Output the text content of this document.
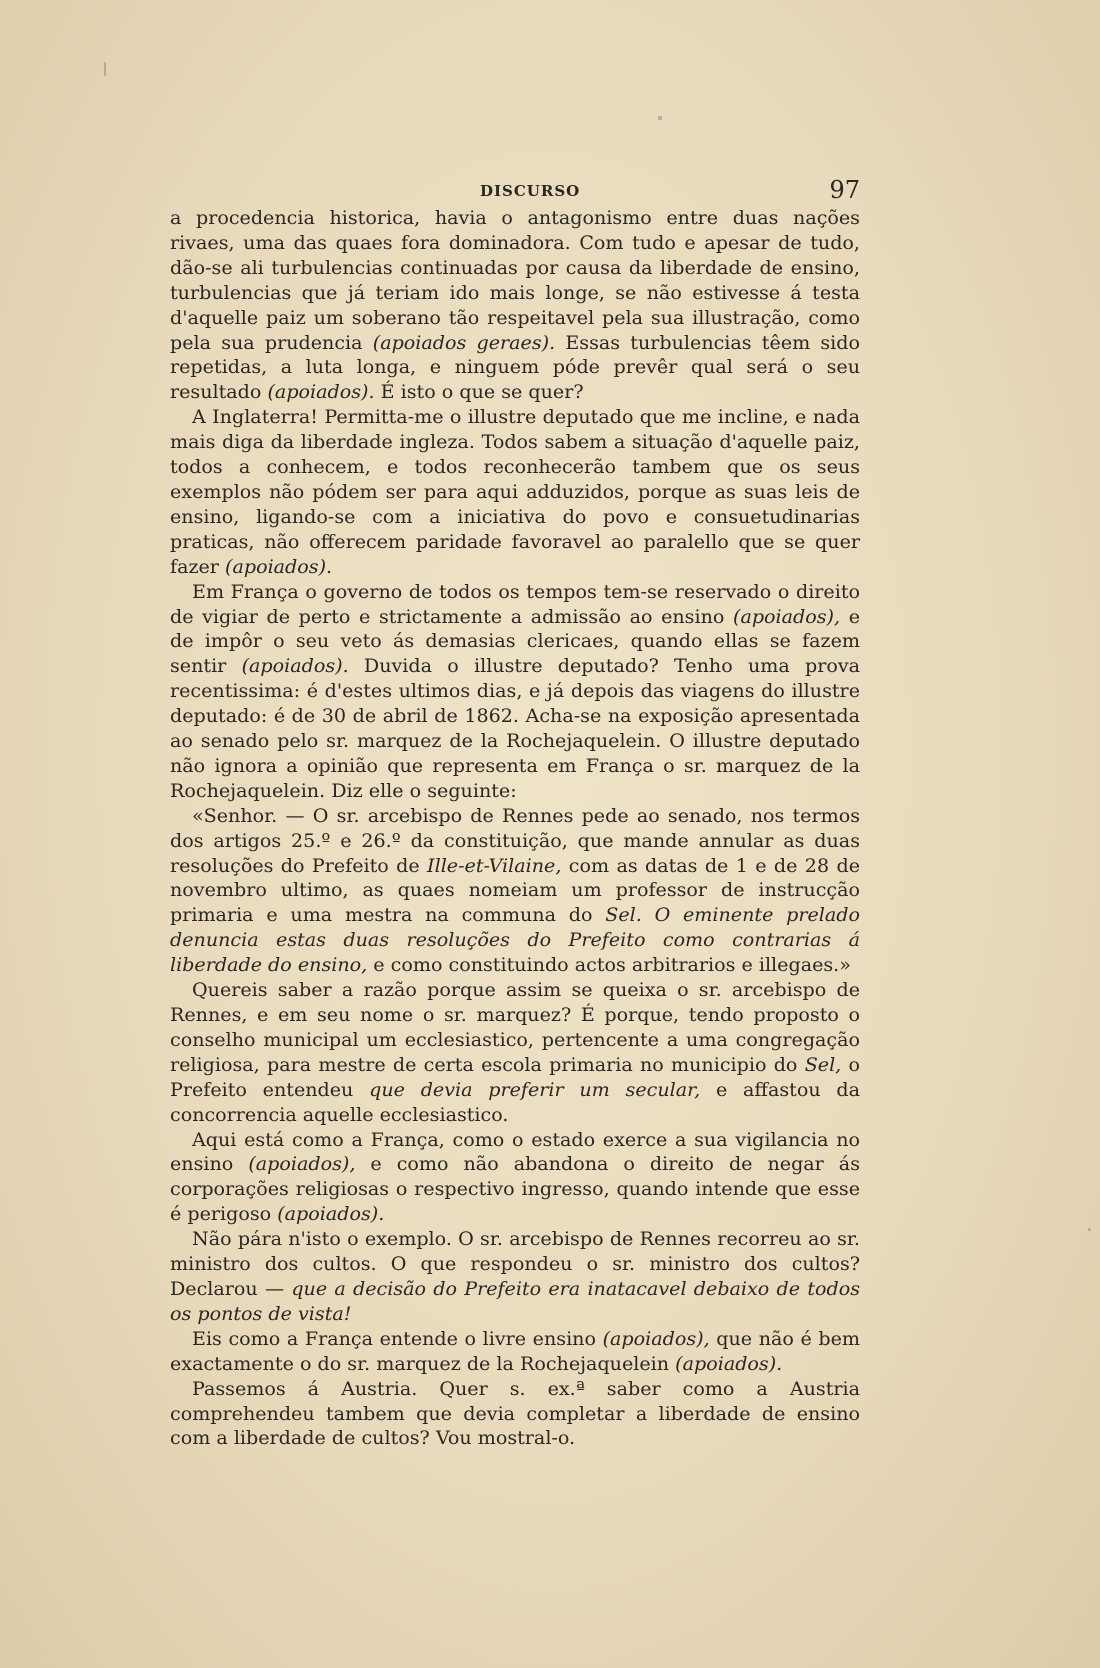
DISCURSO	97

a procedencia historica, havia o antagonismo entre duas nações rivaes, uma das quaes fora dominadora. Com tudo e apesar de tudo, dão-se ali turbulencias continuadas por causa da liberdade de ensino, turbulencias que já teriam ido mais longe, se não estivesse á testa d'aquelle paiz um soberano tão respeitavel pela sua illustração, como pela sua prudencia (apoiados geraes). Essas turbulencias têem sido repetidas, a luta longa, e ninguem póde prevêr qual será o seu resultado (apoiados). É isto o que se quer?

A Inglaterra! Permitta-me o illustre deputado que me incline, e nada mais diga da liberdade ingleza. Todos sabem a situação d'aquelle paiz, todos a conhecem, e todos reconhecerão tambem que os seus exemplos não pódem ser para aqui adduzidos, porque as suas leis de ensino, ligando-se com a iniciativa do povo e consuetudinarias praticas, não offerecem paridade favoravel ao paralello que se quer fazer (apoiados).

Em França o governo de todos os tempos tem-se reservado o direito de vigiar de perto e strictamente a admissão ao ensino (apoiados), e de impôr o seu veto ás demasias clericaes, quando ellas se fazem sentir (apoiados). Duvida o illustre deputado? Tenho uma prova recentissima: é d'estes ultimos dias, e já depois das viagens do illustre deputado: é de 30 de abril de 1862. Acha-se na exposição apresentada ao senado pelo sr. marquez de la Rochejaquelein. O illustre deputado não ignora a opinião que representa em França o sr. marquez de la Rochejaquelein. Diz elle o seguinte:

«Senhor. — O sr. arcebispo de Rennes pede ao senado, nos termos dos artigos 25.º e 26.º da constituição, que mande annular as duas resoluções do Prefeito de Ille-et-Vilaine, com as datas de 1 e de 28 de novembro ultimo, as quaes nomeiam um professor de instrucção primaria e uma mestra na communa do Sel. O eminente prelado denuncia estas duas resoluções do Prefeito como contrarias á liberdade do ensino, e como constituindo actos arbitrarios e illegaes.»

Quereis saber a razão porque assim se queixa o sr. arcebispo de Rennes, e em seu nome o sr. marquez? É porque, tendo proposto o conselho municipal um ecclesiastico, pertencente a uma congregação religiosa, para mestre de certa escola primaria no municipio do Sel, o Prefeito entendeu que devia preferir um secular, e affastou da concorrencia aquelle ecclesiastico.

Aqui está como a França, como o estado exerce a sua vigilancia no ensino (apoiados), e como não abandona o direito de negar ás corporações religiosas o respectivo ingresso, quando intende que esse é perigoso (apoiados).

Não pára n'isto o exemplo. O sr. arcebispo de Rennes recorreu ao sr. ministro dos cultos. O que respondeu o sr. ministro dos cultos? Declarou — que a decisão do Prefeito era inatacavel debaixo de todos os pontos de vista!

Eis como a França entende o livre ensino (apoiados), que não é bem exactamente o do sr. marquez de la Rochejaquelein (apoiados).

Passemos á Austria. Quer s. ex.ª saber como a Austria comprehendeu tambem que devia completar a liberdade de ensino com a liberdade de cultos? Vou mostral-o.
